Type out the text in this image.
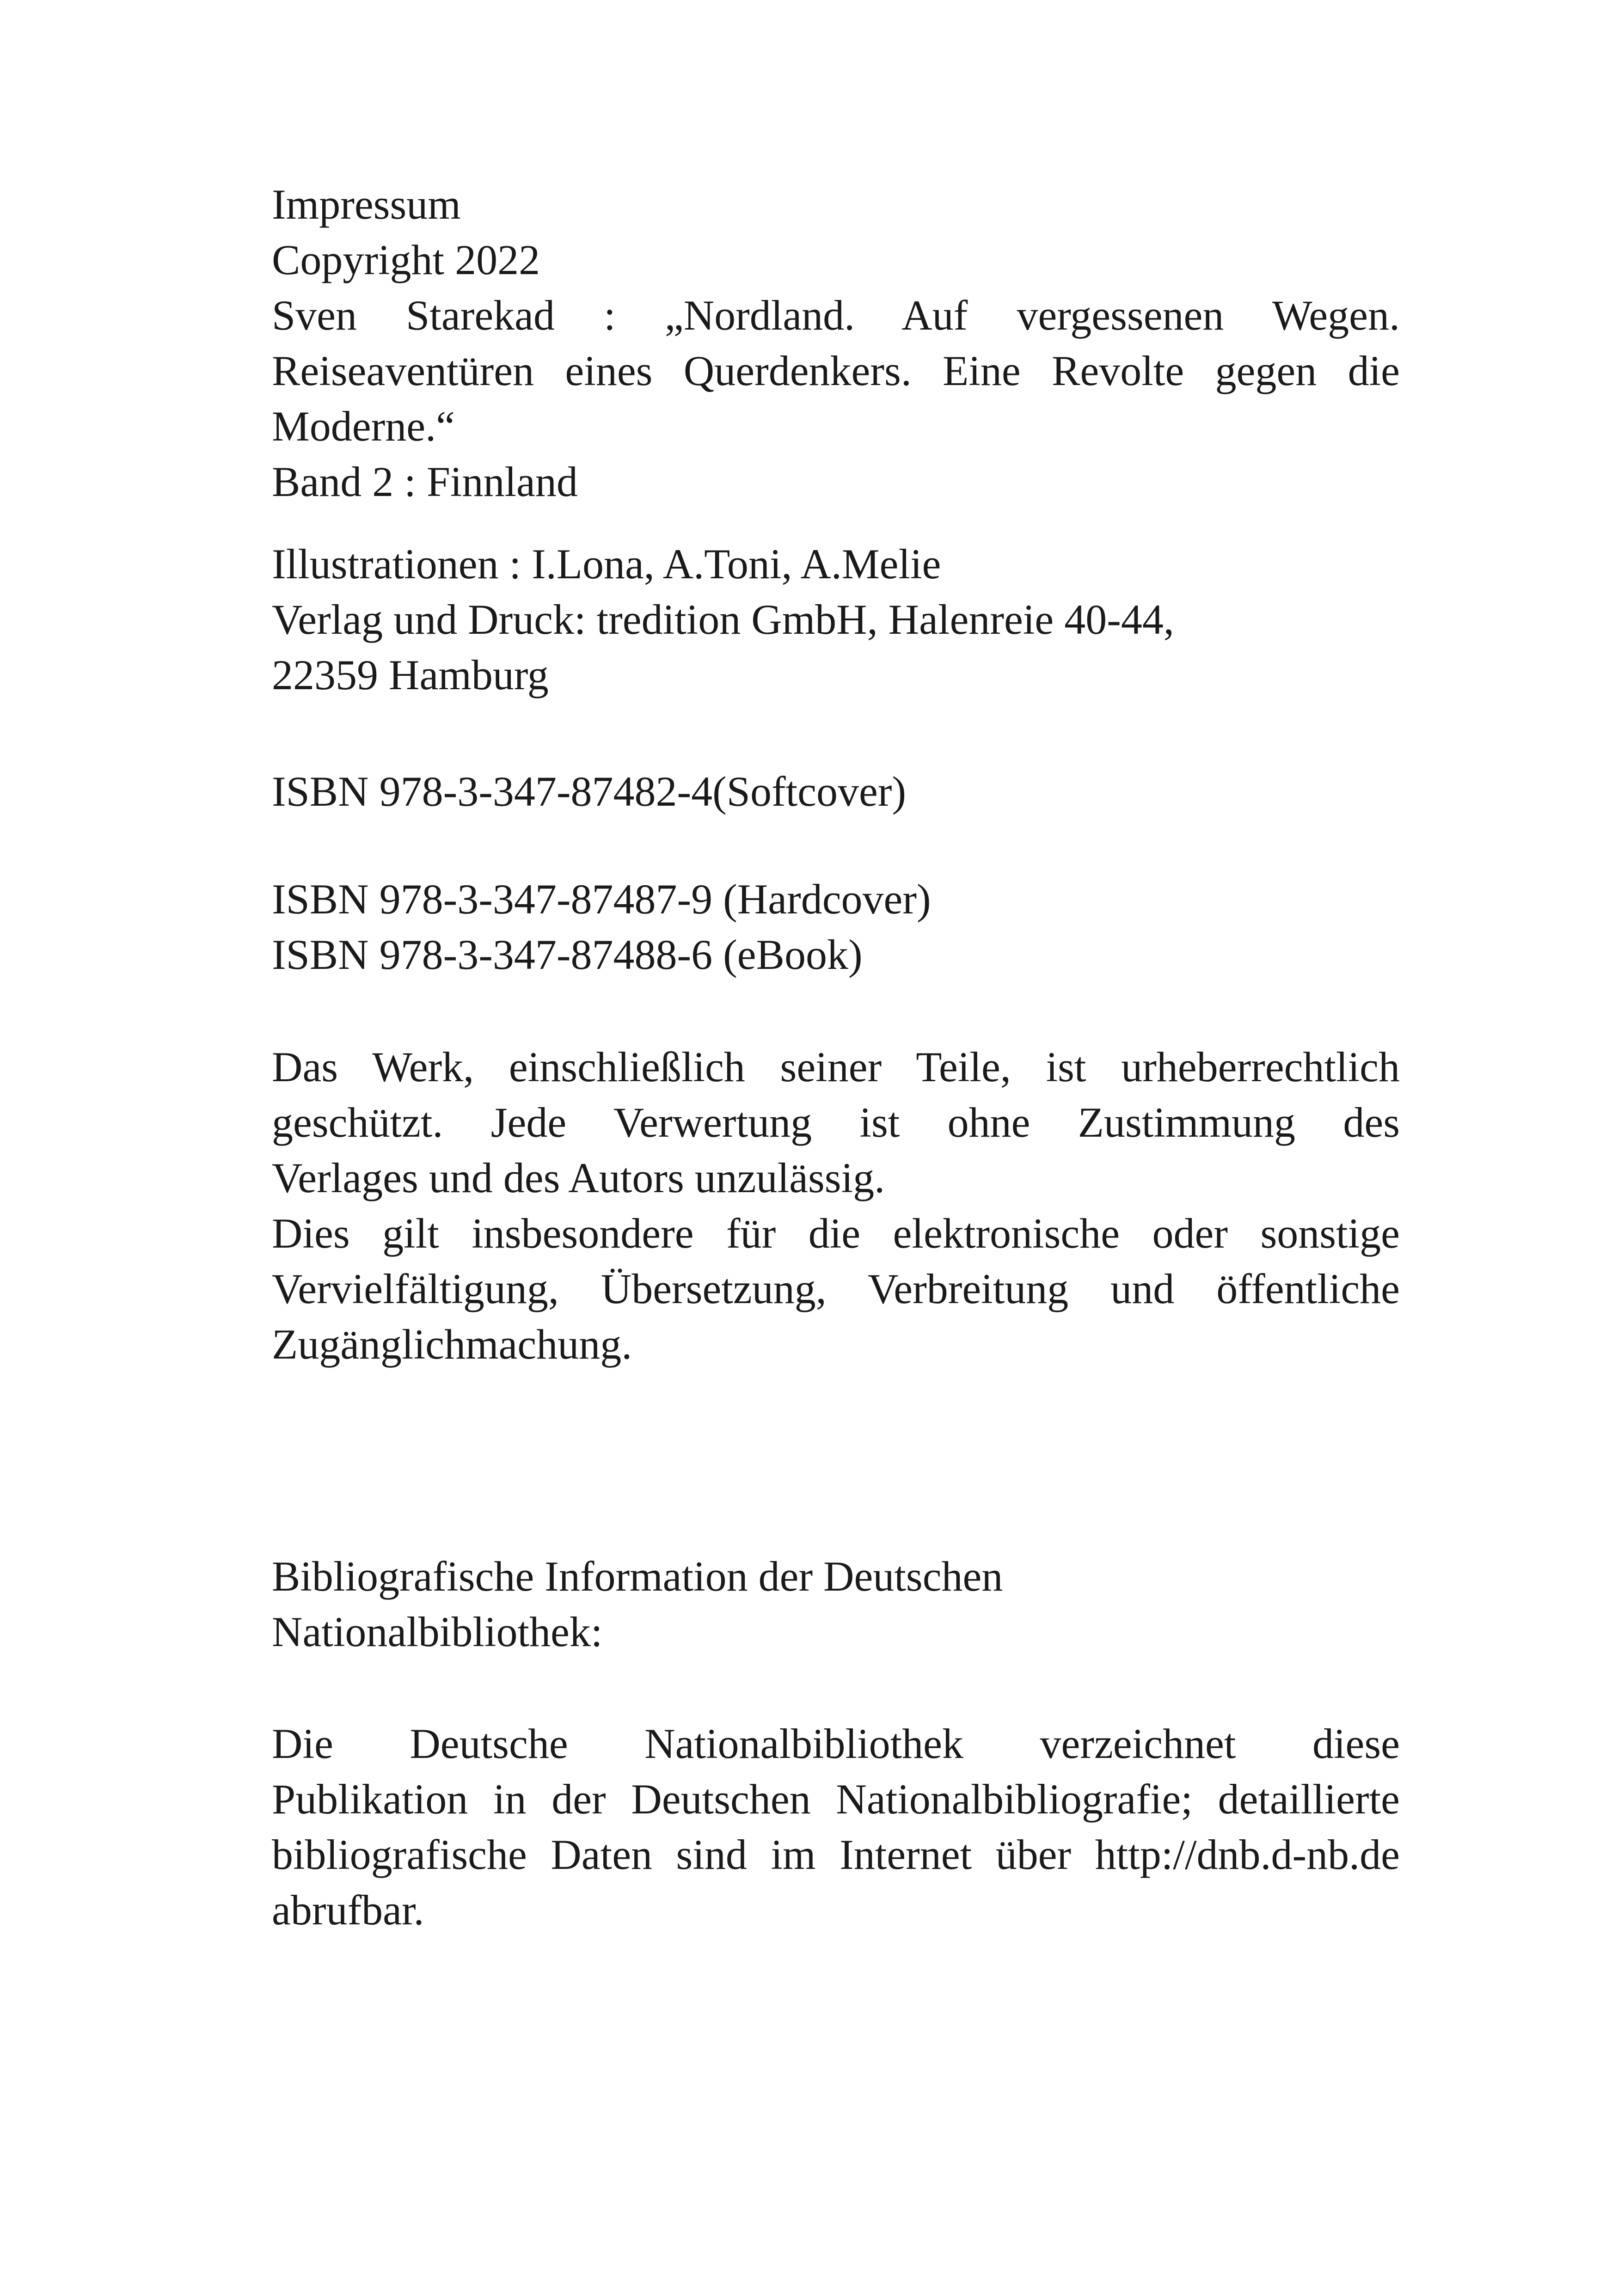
Impressum
Copyright 2022
Sven Starekad : „Nordland. Auf vergessenen Wegen.
Reiseaventüren eines Querdenkers. Eine Revolte gegen die
Moderne.“
Band 2 : Finnland
Illustrationen : I.Lona, A.Toni, A.Melie
Verlag und Druck: tredition GmbH, Halenreie 40-44,
22359 Hamburg
ISBN 978-3-347-87482-4(Softcover)
ISBN 978-3-347-87487-9 (Hardcover)
ISBN 978-3-347-87488-6 (eBook)
Das Werk, einschließlich seiner Teile, ist urheberrechtlich
geschützt. Jede Verwertung ist ohne Zustimmung des
Verlages und des Autors unzulässig.
Dies gilt insbesondere für die elektronische oder sonstige
Vervielfältigung, Übersetzung, Verbreitung und öffentliche
Zugänglichmachung.
Bibliografische Information der Deutschen
Nationalbibliothek:
Die Deutsche Nationalbibliothek verzeichnet diese
Publikation in der Deutschen Nationalbibliografie; detaillierte
bibliografische Daten sind im Internet über http://dnb.d-nb.de
abrufbar.
